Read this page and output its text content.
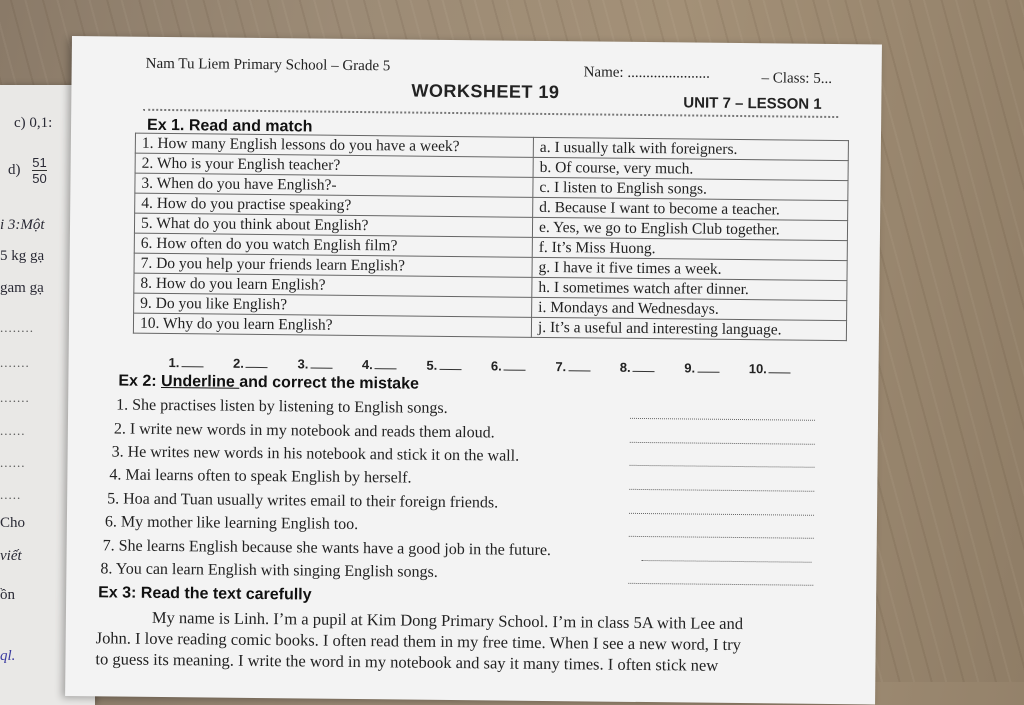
c) 0,1:
$d) \frac{51}{50}$
i 3:Một
5 kg gạ
gam gạ
........
.......
.......
......
......
.....
Cho
viết
ồn
ql.
Nam Tu Liem Primary School – Grade 5	Name: ......................	– Class: 5...
WORKSHEET 19
UNIT 7 – LESSON 1
Ex 1. Read and match
1. How many English lessons do you have a week?	a. I usually talk with foreigners.
2. Who is your English teacher?	b. Of course, very much.
3. When do you have English?-	c. I listen to English songs.
4. How do you practise speaking?	d. Because I want to become a teacher.
5. What do you think about English?	e. Yes, we go to English Club together.
6. How often do you watch English film?	f. It’s Miss Huong.
7. Do you help your friends learn English?	g. I have it five times a week.
8. How do you learn English?	h. I sometimes watch after dinner.
9. Do you like English?	i. Mondays and Wednesdays.
10. Why do you learn English?	j. It’s a useful and interesting language.
1.	2.	3.	4.	5.	6.	7.	8.	9.	10.
Ex 2: Underline and correct the mistake
1. She practises listen by listening to English songs.
2. I write new words in my notebook and reads them aloud.
3. He writes new words in his notebook and stick it on the wall.
4. Mai learns often to speak English by herself.
5. Hoa and Tuan usually writes email to their foreign friends.
6. My mother like learning English too.
7. She learns English because she wants have a good job in the future.
8. You can learn English with singing English songs.
Ex 3: Read the text carefully
My name is Linh. I’m a pupil at Kim Dong Primary School. I’m in class 5A with Lee and
John. I love reading comic books. I often read them in my free time. When I see a new word, I try
to guess its meaning. I write the word in my notebook and say it many times. I often stick new
